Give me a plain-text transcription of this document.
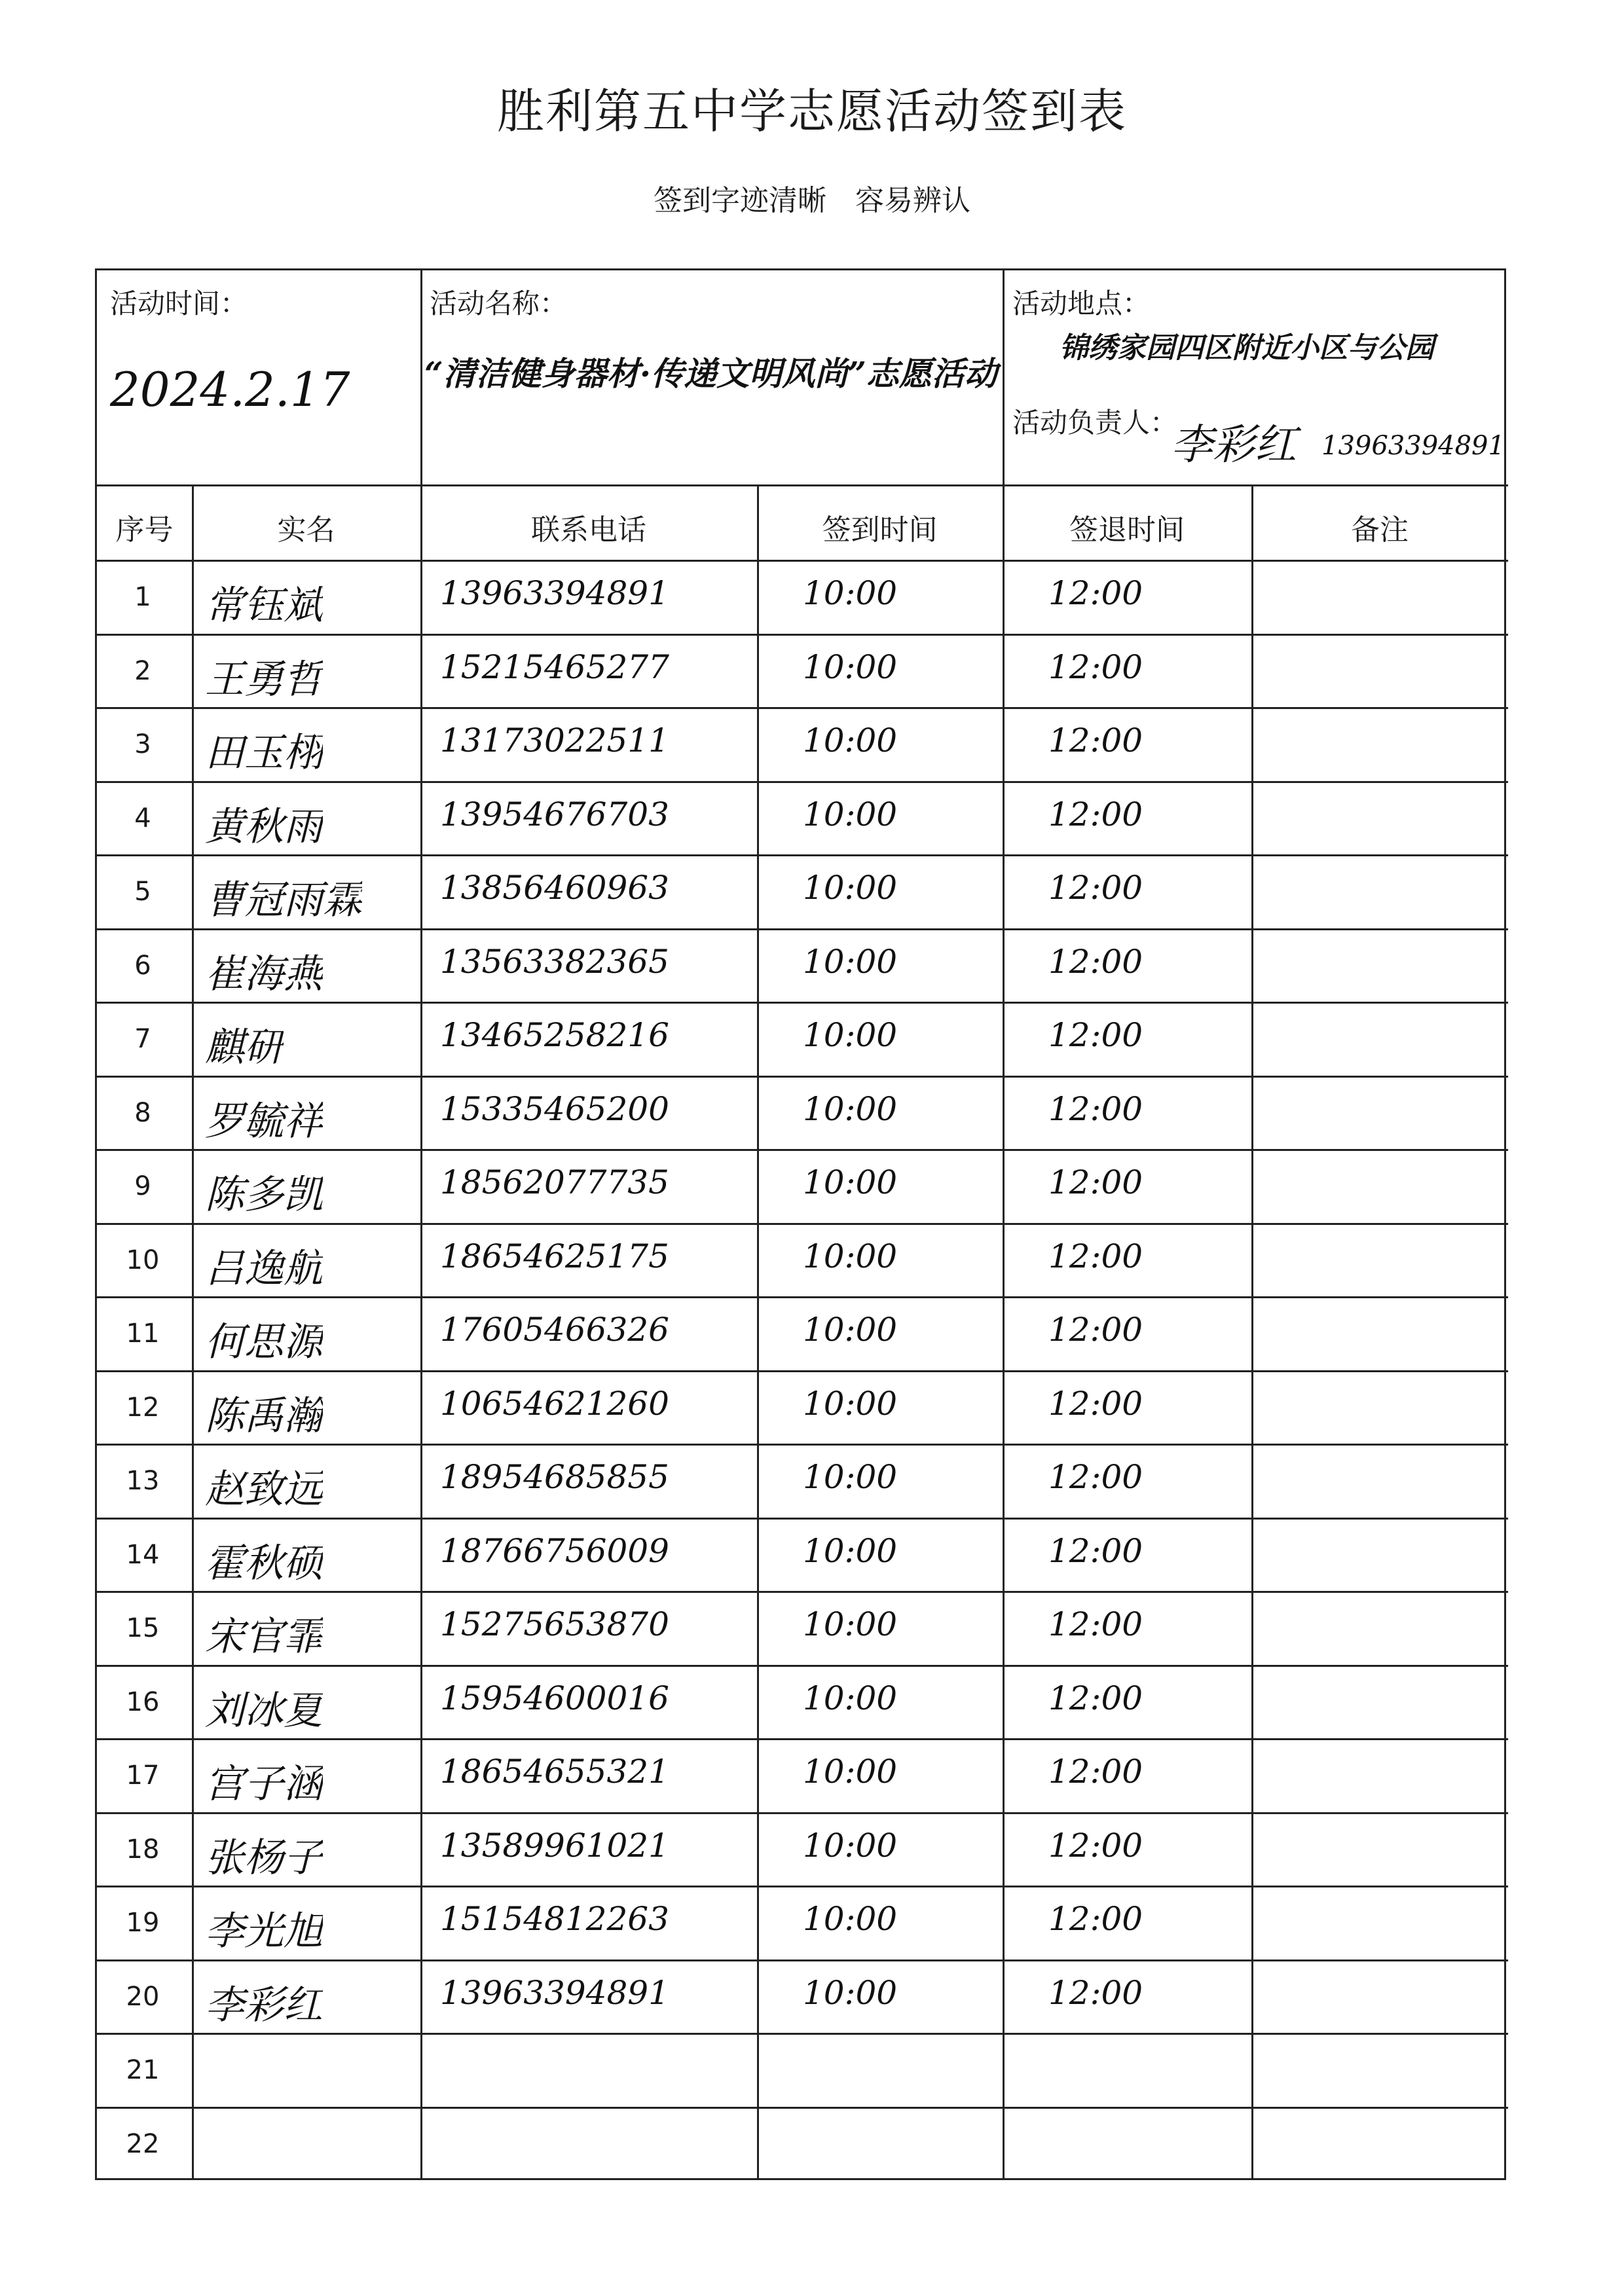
胜利第五中学志愿活动签到表
签到字迹清晰　容易辨认
活动时间：
2024.2.17
活动名称：
“清洁健身器材·传递文明风尚”志愿活动
活动地点：
锦绣家园四区附近小区与公园
活动负责人：
李彩红 13963394891
序号	实名	联系电话	签到时间	签退时间	备注
1	常钰斌	13963394891	10:00	12:00
2	王勇哲	15215465277	10:00	12:00
3	田玉栩	13173022511	10:00	12:00
4	黄秋雨	13954676703	10:00	12:00
5	曹冠雨霖 13856460963	10:00	12:00
6	崔海燕	13563382365	10:00	12:00
7	麒研	13465258216	10:00	12:00
8	罗毓祥	15335465200	10:00	12:00
9	陈多凯	18562077735	10:00	12:00
10	吕逸航	18654625175	10:00	12:00
11	何思源	17605466326	10:00	12:00
12	陈禹瀚	10654621260	10:00	12:00
13	赵致远	18954685855	10:00	12:00
14	霍秋硕	18766756009	10:00	12:00
15	宋官霏	15275653870	10:00	12:00
16	刘冰夏	15954600016	10:00	12:00
17	宫子涵	18654655321	10:00	12:00
18	张杨子	13589961021	10:00	12:00
19	李光旭	15154812263	10:00	12:00
20	李彩红	13963394891	10:00	12:00
21
22
